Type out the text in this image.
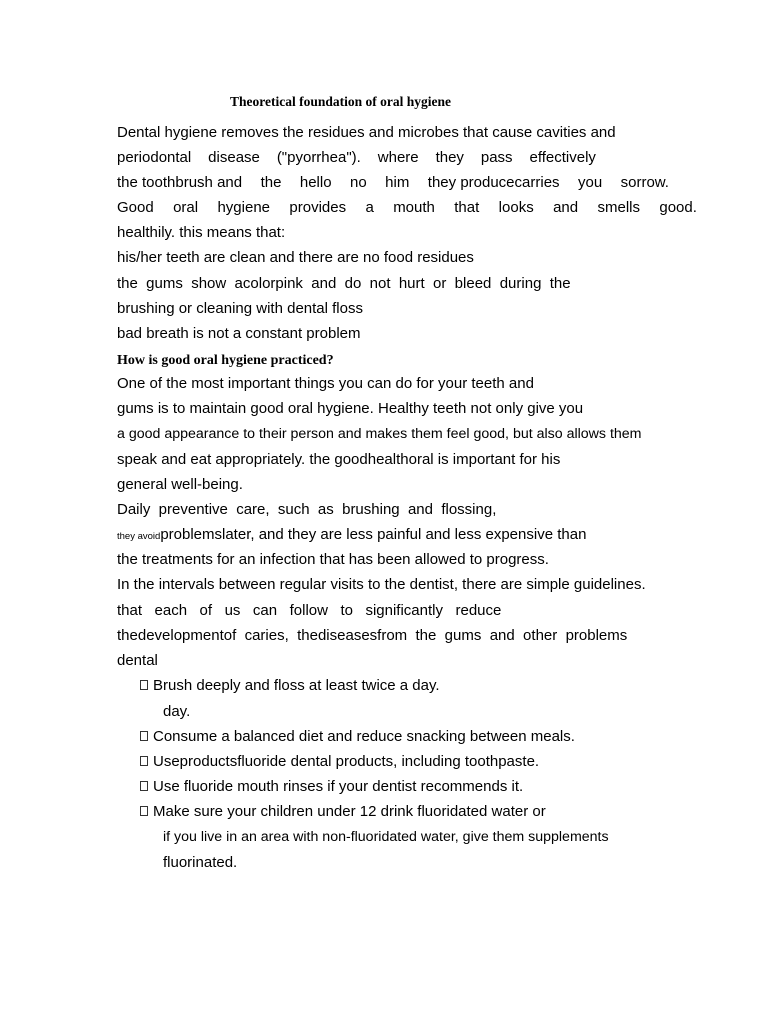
Theoretical foundation of oral hygiene
Dental hygiene removes the residues and microbes that cause cavities and
periodontal disease ("pyorrhea"). where they pass effectively
the toothbrush and the hello no him they producecarries you sorrow.
Good oral hygiene provides a mouth that looks and smells good.
healthily. this means that:
his/her teeth are clean and there are no food residues
the  gums  show  acolorpink  and  do  not  hurt  or  bleed  during  the
brushing or cleaning with dental floss
bad breath is not a constant problem
How is good oral hygiene practiced?
One of the most important things you can do for your teeth and
gums is to maintain good oral hygiene. Healthy teeth not only give you
a good appearance to their person and makes them feel good, but also allows them
speak and eat appropriately. the goodhealthoral is important for his
general well-being.
Daily  preventive  care,  such  as  brushing  and  flossing,
they avoidproblemslater, and they are less painful and less expensive than
the treatments for an infection that has been allowed to progress.
In the intervals between regular visits to the dentist, there are simple guidelines.
that   each   of   us   can   follow   to   significantly   reduce
thedevelopmentof  caries,  thediseasesfrom  the  gums  and  other  problems
dental
Brush deeply and floss at least twice a day.
day.
Consume a balanced diet and reduce snacking between meals.
Useproductsfluoride dental products, including toothpaste.
Use fluoride mouth rinses if your dentist recommends it.
Make sure your children under 12 drink fluoridated water or
if you live in an area with non-fluoridated water, give them supplements
fluorinated.
